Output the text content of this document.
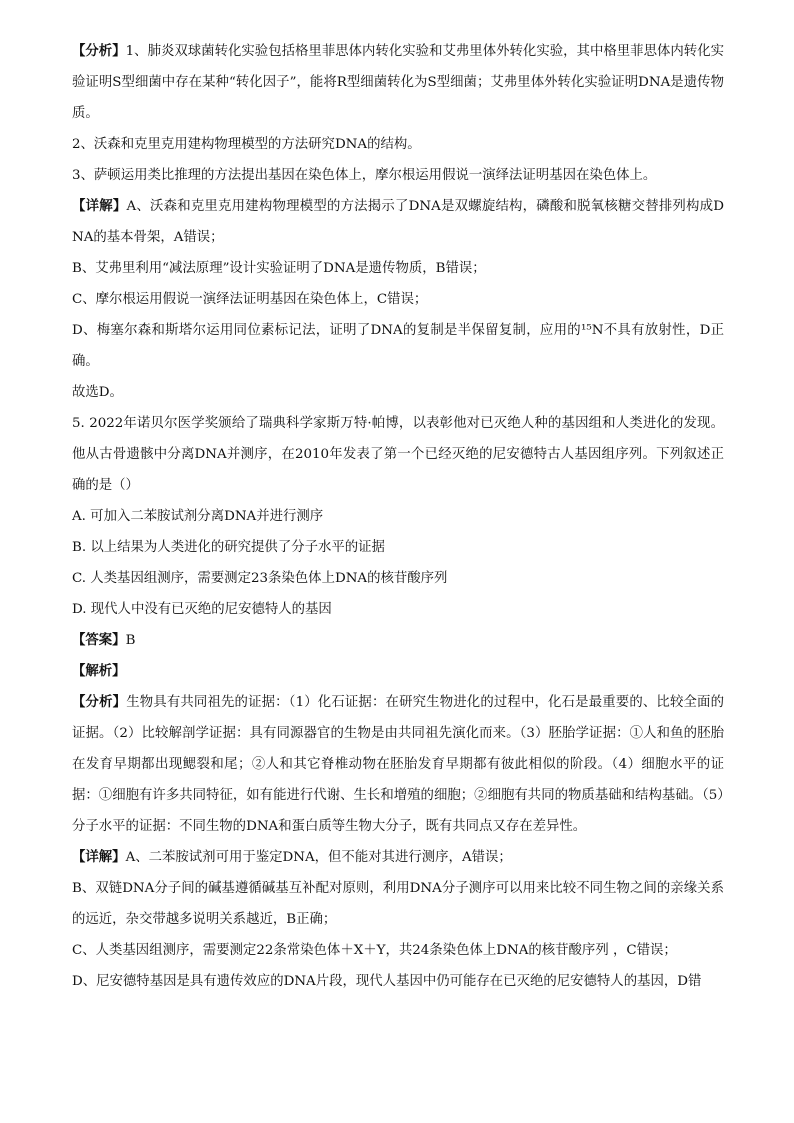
【分析】1、肺炎双球菌转化实验包括格里菲思体内转化实验和艾弗里体外转化实验，其中格里菲思体内转化实验证明S型细菌中存在某种“转化因子”，能将R型细菌转化为S型细菌；艾弗里体外转化实验证明DNA是遗传物质。

2、沃森和克里克用建构物理模型的方法研究DNA的结构。

3、萨顿运用类比推理的方法提出基因在染色体上，摩尔根运用假说一演绎法证明基因在染色体上。

【详解】A、沃森和克里克用建构物理模型的方法揭示了DNA是双螺旋结构，磷酸和脱氧核糖交替排列构成DNA的基本骨架，A错误；

B、艾弗里利用“减法原理”设计实验证明了DNA是遗传物质，B错误；

C、摩尔根运用假说一演绎法证明基因在染色体上，C错误；

D、梅塞尔森和斯塔尔运用同位素标记法，证明了DNA的复制是半保留复制，应用的¹⁵N不具有放射性，D正确。

故选D。

5. 2022年诺贝尔医学奖颁给了瑞典科学家斯万特·帕博，以表彰他对已灭绝人种的基因组和人类进化的发现。他从古骨遗骸中分离DNA并测序，在2010年发表了第一个已经灭绝的尼安德特古人基因组序列。下列叙述正确的是（）

A. 可加入二苯胺试剂分离DNA并进行测序

B. 以上结果为人类进化的研究提供了分子水平的证据

C. 人类基因组测序，需要测定23条染色体上DNA的核苷酸序列

D. 现代人中没有已灭绝的尼安德特人的基因

【答案】B

【解析】

【分析】生物具有共同祖先的证据：（1）化石证据：在研究生物进化的过程中，化石是最重要的、比较全面的证据。（2）比较解剖学证据：具有同源器官的生物是由共同祖先演化而来。（3）胚胎学证据：①人和鱼的胚胎在发育早期都出现鳃裂和尾；②人和其它脊椎动物在胚胎发育早期都有彼此相似的阶段。（4）细胞水平的证据：①细胞有许多共同特征，如有能进行代谢、生长和增殖的细胞；②细胞有共同的物质基础和结构基础。（5）分子水平的证据：不同生物的DNA和蛋白质等生物大分子，既有共同点又存在差异性。

【详解】A、二苯胺试剂可用于鉴定DNA，但不能对其进行测序，A错误；

B、双链DNA分子间的碱基遵循碱基互补配对原则，利用DNA分子测序可以用来比较不同生物之间的亲缘关系的远近，杂交带越多说明关系越近，B正确；

C、人类基因组测序，需要测定22条常染色体＋X＋Y，共24条染色体上DNA的核苷酸序列 ，C错误；

D、尼安德特基因是具有遗传效应的DNA片段，现代人基因中仍可能存在已灭绝的尼安德特人的基因，D错
